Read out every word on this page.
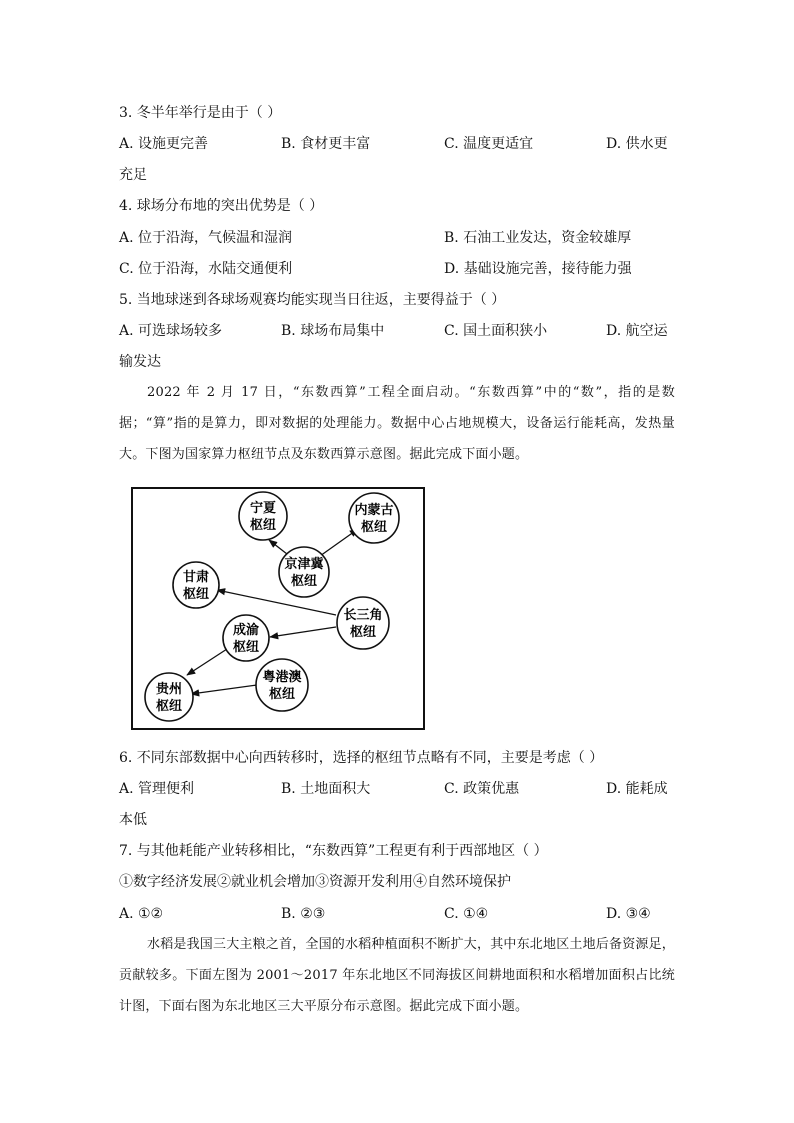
3. 冬半年举行是由于（ ）
A. 设施更完善	B. 食材更丰富	C. 温度更适宜	D. 供水更
充足
4. 球场分布地的突出优势是（ ）
A. 位于沿海，气候温和湿润	B. 石油工业发达，资金较雄厚
C. 位于沿海，水陆交通便利	D. 基础设施完善，接待能力强
5. 当地球迷到各球场观赛均能实现当日往返，主要得益于（ ）
A. 可选球场较多	B. 球场布局集中	C. 国土面积狭小	D. 航空运
输发达
2022 年 2 月 17 日，“东数西算”工程全面启动。“东数西算”中的“数”，指的是数据；“算”指的是算力，即对数据的处理能力。数据中心占地规模大，设备运行能耗高，发热量大。下图为国家算力枢纽节点及东数西算示意图。据此完成下面小题。
宁夏
枢纽
内蒙古
枢纽
京津冀
枢纽
甘肃
枢纽
长三角
枢纽
成渝
枢纽
粤港澳
枢纽
贵州
枢纽
6. 不同东部数据中心向西转移时，选择的枢纽节点略有不同，主要是考虑（ ）
A. 管理便利	B. 土地面积大	C. 政策优惠	D. 能耗成
本低
7. 与其他耗能产业转移相比，“东数西算”工程更有利于西部地区（ ）
①数字经济发展②就业机会增加③资源开发利用④自然环境保护
A. ①②	B. ②③	C. ①④	D. ③④
水稻是我国三大主粮之首，全国的水稻种植面积不断扩大，其中东北地区土地后备资源足，贡献较多。下面左图为 2001～2017 年东北地区不同海拔区间耕地面积和水稻增加面积占比统计图，下面右图为东北地区三大平原分布示意图。据此完成下面小题。
